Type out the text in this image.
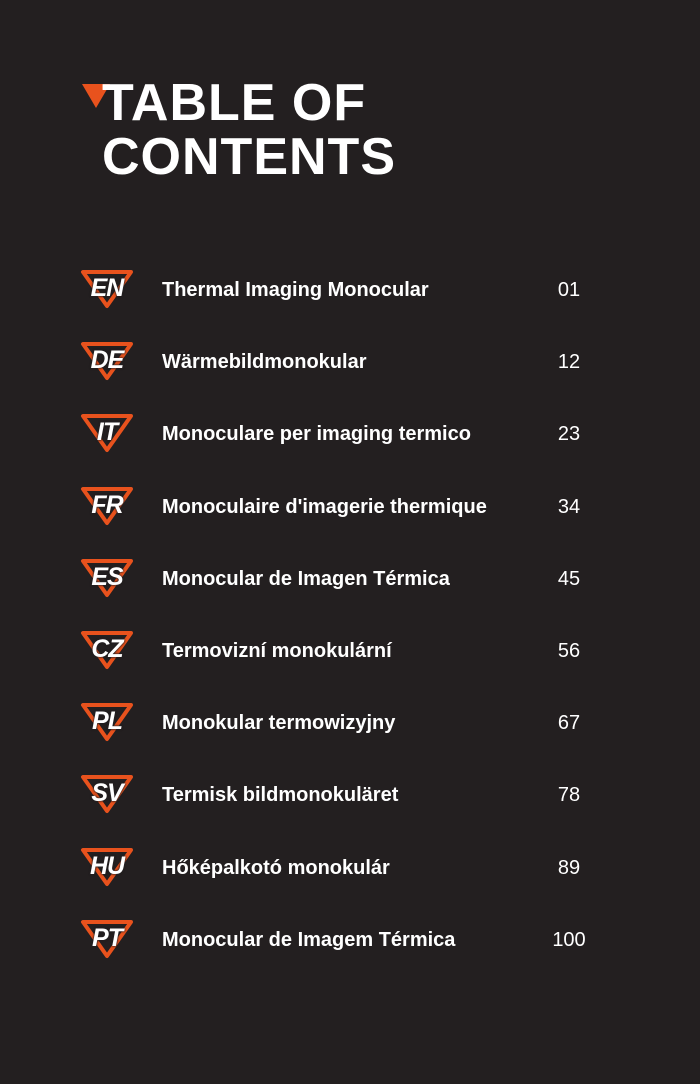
TABLE OF
CONTENTS
EN	Thermal Imaging Monocular	01
DE	Wärmebildmonokular	12
IT	Monoculare per imaging termico	23
FR	Monoculaire d'imagerie thermique	34
ES	Monocular de Imagen Térmica	45
CZ	Termovizní monokulární	56
PL	Monokular termowizyjny	67
SV	Termisk bildmonokuläret	78
HU	Hőképalkotó monokulár	89
PT	Monocular de Imagem Térmica	100
